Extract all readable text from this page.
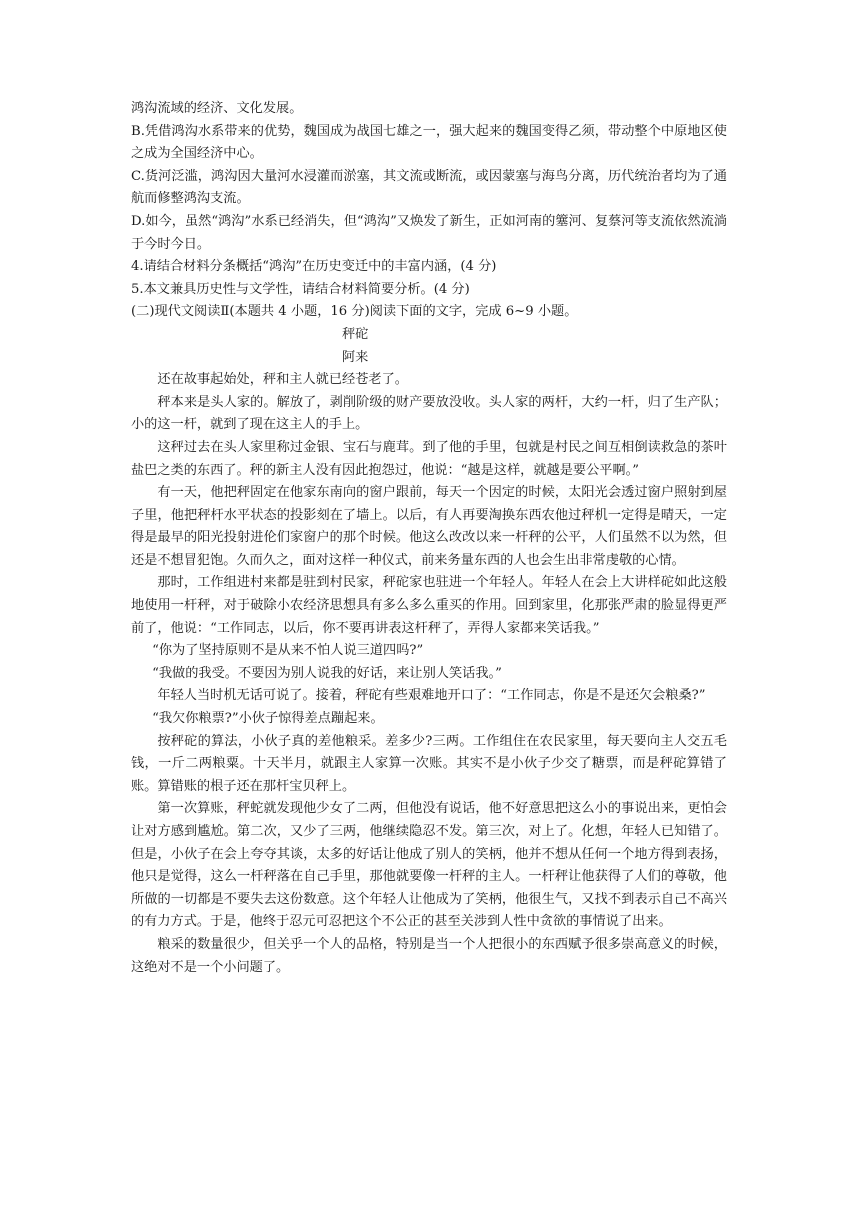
鸿沟流域的经济、文化发展。

B.凭借鸿沟水系带来的优势，魏国成为战国七雄之一，强大起来的魏国变得乙须，带动整个中原地区使之成为全国经济中心。

C.货河泛滥，鸿沟因大量河水浸灌而淤塞，其文流或断流，或因蒙塞与海鸟分离，历代统治者均为了通航而修整鸿沟支流。

D.如今，虽然“鸿沟”水系已经消失，但“鸿沟”又焕发了新生，正如河南的簺河、复蔡河等支流依然流淌于今时今日。

4.请结合材料分条概括“鸿沟”在历史变迁中的丰富内涵，(4 分)

5.本文兼具历史性与文学性，请结合材料简要分析。(4 分)

(二)现代文阅读Ⅱ(本题共 4 小题，16 分)阅读下面的文字，完成 6~9 小题。

秤砣

阿来

还在故事起始处，秤和主人就已经苍老了。

秤本来是头人家的。解放了，剥削阶级的财产要放没收。头人家的两杆，大约一杆，归了生产队；小的这一杆，就到了现在这主人的手上。

这秤过去在头人家里称过金银、宝石与鹿茸。到了他的手里，包就是村民之间互相倒读救急的茶叶盐巴之类的东西了。秤的新主人没有因此抱怨过，他说：“越是这样，就越是要公平啊。”

有一天，他把秤固定在他家东南向的窗户跟前，每天一个因定的时候，太阳光会透过窗户照射到屋子里，他把秤杆水平状态的投影刻在了墙上。以后，有人再要淘换东西农他过秤机一定得是晴天，一定得是最早的阳光投射进伦们家窗户的那个时候。他这么改改以来一杆秤的公平，人们虽然不以为然，但还是不想冒犯饱。久而久之，面对这样一种仪式，前来务量东西的人也会生出非常虔敬的心情。

那时，工作组进村来都是驻到村民家，秤砣家也驻进一个年轻人。年轻人在会上大讲样砣如此这般地使用一杆秤，对于破除小农经济思想具有多么多么重买的作用。回到家里，化那张严肃的脸显得更严前了，他说：“工作同志，以后，你不要再讲表这杆秤了，弄得人家都来笑话我。”

“你为了坚持原则不是从来不怕人说三道四吗?”

“我做的我受。不要因为别人说我的好话，来让别人笑话我。”

年轻人当时机无话可说了。接着，秤砣有些艰难地开口了：“工作同志，你是不是还欠会粮桑?”

“我欠你粮票?”小伙子惊得差点蹦起来。

按秤砣的算法，小伙子真的差他粮采。差多少?三两。工作组住在农民家里，每天要向主人交五毛钱，一斤二两粮粟。十天半月，就跟主人家算一次账。其实不是小伙子少交了糖票，而是秤砣算错了账。算错账的根子还在那杆宝贝秤上。

第一次算账，秤蛇就发现他少女了二两，但他没有说话，他不好意思把这么小的事说出来，更怕会让对方感到尴尬。第二次，又少了三两，他继续隐忍不发。第三次，对上了。化想，年轻人已知错了。但是，小伙子在会上夸夺其谈，太多的好话让他成了别人的笑柄，他并不想从任何一个地方得到表扬，他只是觉得，这么一杆秤落在自己手里，那他就要像一杆秤的主人。一杆秤让他获得了人们的尊敬，他所做的一切都是不要失去这份数意。这个年轻人让他成为了笑柄，他很生气，又找不到表示自己不高兴的有力方式。于是，他终于忍元可忍把这个不公正的甚至关涉到人性中贪欲的事情说了出来。

粮采的数量很少，但关乎一个人的品格，特别是当一个人把很小的东西赋予很多崇高意义的时候，这绝对不是一个小问题了。
